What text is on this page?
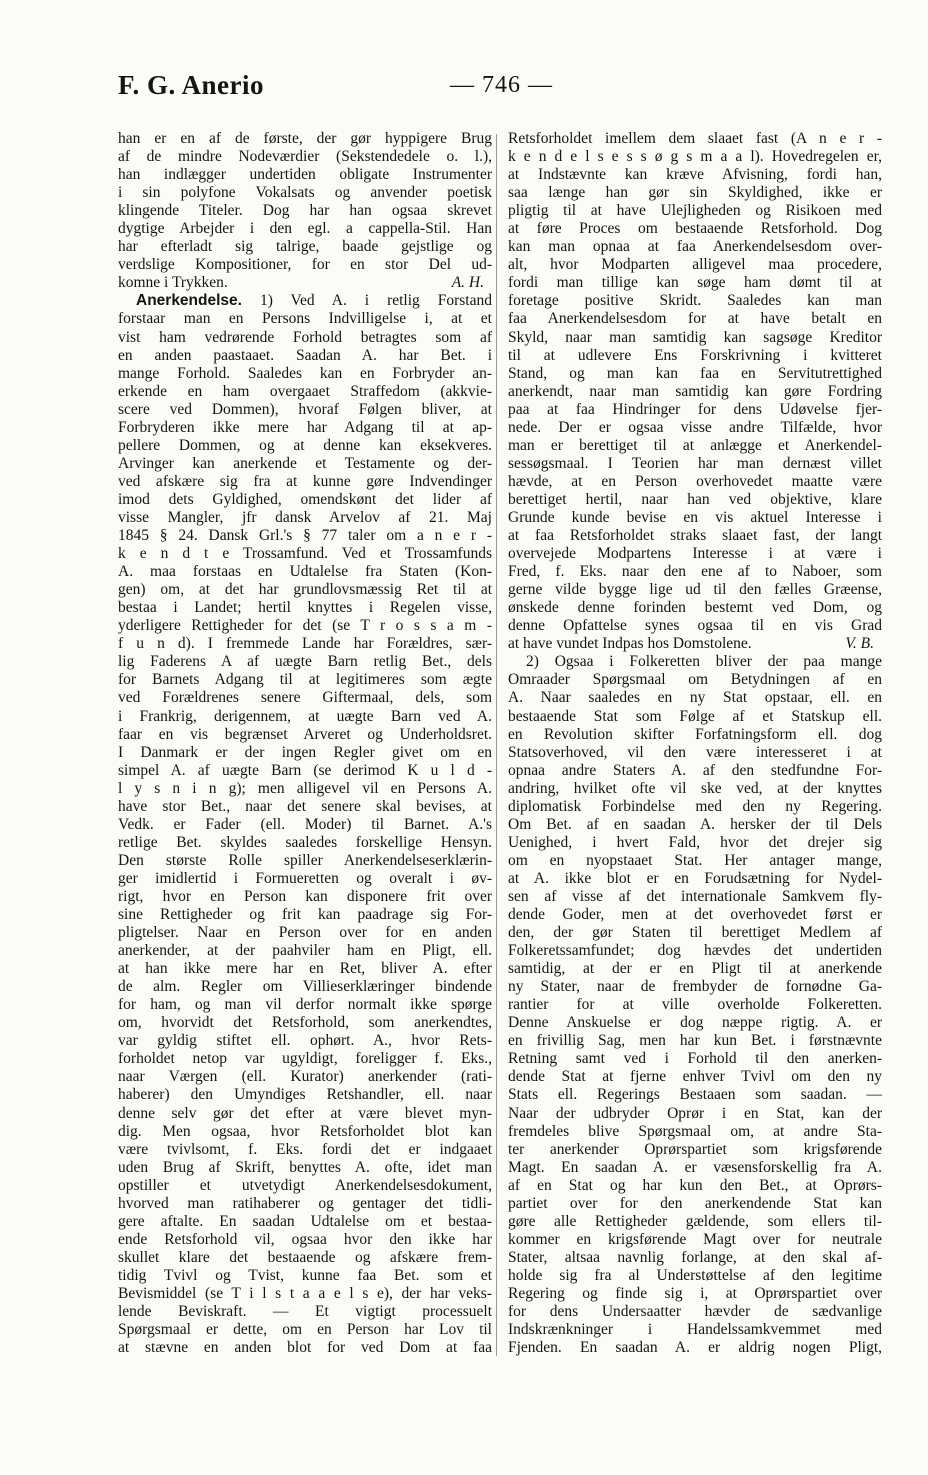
F. G. Anerio	— 746 —
han er en af de første, der gør hyppigere Brug
af de mindre Nodeværdier (Sekstendedele o. l.),
han indlægger undertiden obligate Instrumenter
i sin polyfone Vokalsats og anvender poetisk
klingende Titeler. Dog har han ogsaa skrevet
dygtige Arbejder i den egl. a cappella-Stil. Han
har efterladt sig talrige, baade gejstlige og
verdslige Kompositioner, for en stor Del ud-
komne i Trykken.	A. H.
Anerkendelse. 1) Ved A. i retlig Forstand
forstaar man en Persons Indvilligelse i, at et
vist ham vedrørende Forhold betragtes som af
en anden paastaaet. Saadan A. har Bet. i
mange Forhold. Saaledes kan en Forbryder an-
erkende en ham overgaaet Straffedom (akkvie-
scere ved Dommen), hvoraf Følgen bliver, at
Forbryderen ikke mere har Adgang til at ap-
pellere Dommen, og at denne kan eksekveres.
Arvinger kan anerkende et Testamente og der-
ved afskære sig fra at kunne gøre Indvendinger
imod dets Gyldighed, omendskønt det lider af
visse Mangler, jfr dansk Arvelov af 21. Maj
1845 § 24. Dansk Grl.'s § 77 taler om a n e r -
k e n d t e Trossamfund. Ved et Trossamfunds
A. maa forstaas en Udtalelse fra Staten (Kon-
gen) om, at det har grundlovsmæssig Ret til at
bestaa i Landet; hertil knyttes i Regelen visse,
yderligere Rettigheder for det (se T r o s s a m -
f u n d). I fremmede Lande har Forældres, sær-
lig Faderens A af uægte Barn retlig Bet., dels
for Barnets Adgang til at legitimeres som ægte
ved Forældrenes senere Giftermaal, dels, som
i Frankrig, derigennem, at uægte Barn ved A.
faar en vis begrænset Arveret og Underholdsret.
I Danmark er der ingen Regler givet om en
simpel A. af uægte Barn (se derimod K u l d -
l y s n i n g); men alligevel vil en Persons A.
have stor Bet., naar det senere skal bevises, at
Vedk. er Fader (ell. Moder) til Barnet. A.'s
retlige Bet. skyldes saaledes forskellige Hensyn.
Den største Rolle spiller Anerkendelseserklærin-
ger imidlertid i Formueretten og overalt i øv-
rigt, hvor en Person kan disponere frit over
sine Rettigheder og frit kan paadrage sig For-
pligtelser. Naar en Person over for en anden
anerkender, at der paahviler ham en Pligt, ell.
at han ikke mere har en Ret, bliver A. efter
de alm. Regler om Villieserklæringer bindende
for ham, og man vil derfor normalt ikke spørge
om, hvorvidt det Retsforhold, som anerkendtes,
var gyldig stiftet ell. ophørt. A., hvor Rets-
forholdet netop var ugyldigt, foreligger f. Eks.,
naar Værgen (ell. Kurator) anerkender (rati-
haberer) den Umyndiges Retshandler, ell. naar
denne selv gør det efter at være blevet myn-
dig. Men ogsaa, hvor Retsforholdet blot kan
være tvivlsomt, f. Eks. fordi det er indgaaet
uden Brug af Skrift, benyttes A. ofte, idet man
opstiller et utvetydigt Anerkendelsesdokument,
hvorved man ratihaberer og gentager det tidli-
gere aftalte. En saadan Udtalelse om et bestaa-
ende Retsforhold vil, ogsaa hvor den ikke har
skullet klare det bestaaende og afskære frem-
tidig Tvivl og Tvist, kunne faa Bet. som et
Bevismiddel (se T i l s t a a e l s e), der har veks-
lende Beviskraft. — Et vigtigt processuelt
Spørgsmaal er dette, om en Person har Lov til
at stævne en anden blot for ved Dom at faa
Retsforholdet imellem dem slaaet fast (A n e r -
k e n d e l s e s s ø g s m a a l). Hovedregelen er,
at Indstævnte kan kræve Afvisning, fordi han,
saa længe han gør sin Skyldighed, ikke er
pligtig til at have Ulejligheden og Risikoen med
at føre Proces om bestaaende Retsforhold. Dog
kan man opnaa at faa Anerkendelsesdom over-
alt, hvor Modparten alligevel maa procedere,
fordi man tillige kan søge ham dømt til at
foretage positive Skridt. Saaledes kan man
faa Anerkendelsesdom for at have betalt en
Skyld, naar man samtidig kan sagsøge Kreditor
til at udlevere Ens Forskrivning i kvitteret
Stand, og man kan faa en Servitutrettighed
anerkendt, naar man samtidig kan gøre Fordring
paa at faa Hindringer for dens Udøvelse fjer-
nede. Der er ogsaa visse andre Tilfælde, hvor
man er berettiget til at anlægge et Anerkendel-
sessøgsmaal. I Teorien har man dernæst villet
hævde, at en Person overhovedet maatte være
berettiget hertil, naar han ved objektive, klare
Grunde kunde bevise en vis aktuel Interesse i
at faa Retsforholdet straks slaaet fast, der langt
overvejede Modpartens Interesse i at være i
Fred, f. Eks. naar den ene af to Naboer, som
gerne vilde bygge lige ud til den fælles Græense,
ønskede denne forinden bestemt ved Dom, og
denne Opfattelse synes ogsaa til en vis Grad
at have vundet Indpas hos Domstolene.	V. B.
2) Ogsaa i Folkeretten bliver der paa mange
Omraader Spørgsmaal om Betydningen af en
A. Naar saaledes en ny Stat opstaar, ell. en
bestaaende Stat som Følge af et Statskup ell.
en Revolution skifter Forfatningsform ell. dog
Statsoverhoved, vil den være interesseret i at
opnaa andre Staters A. af den stedfundne For-
andring, hvilket ofte vil ske ved, at der knyttes
diplomatisk Forbindelse med den ny Regering.
Om Bet. af en saadan A. hersker der til Dels
Uenighed, i hvert Fald, hvor det drejer sig
om en nyopstaaet Stat. Her antager mange,
at A. ikke blot er en Forudsætning for Nydel-
sen af visse af det internationale Samkvem fly-
dende Goder, men at det overhovedet først er
den, der gør Staten til berettiget Medlem af
Folkeretssamfundet; dog hævdes det undertiden
samtidig, at der er en Pligt til at anerkende
ny Stater, naar de frembyder de fornødne Ga-
rantier for at ville overholde Folkeretten.
Denne Anskuelse er dog næppe rigtig. A. er
en frivillig Sag, men har kun Bet. i førstnævnte
Retning samt ved i Forhold til den anerken-
dende Stat at fjerne enhver Tvivl om den ny
Stats ell. Regerings Bestaaen som saadan. —
Naar der udbryder Oprør i en Stat, kan der
fremdeles blive Spørgsmaal om, at andre Sta-
ter anerkender Oprørspartiet som krigsførende
Magt. En saadan A. er væsensforskellig fra A.
af en Stat og har kun den Bet., at Oprørs-
partiet over for den anerkendende Stat kan
gøre alle Rettigheder gældende, som ellers til-
kommer en krigsførende Magt over for neutrale
Stater, altsaa navnlig forlange, at den skal af-
holde sig fra al Understøttelse af den legitime
Regering og finde sig i, at Oprørspartiet over
for dens Undersaatter hævder de sædvanlige
Indskrænkninger i Handelssamkvemmet med
Fjenden. En saadan A. er aldrig nogen Pligt,
